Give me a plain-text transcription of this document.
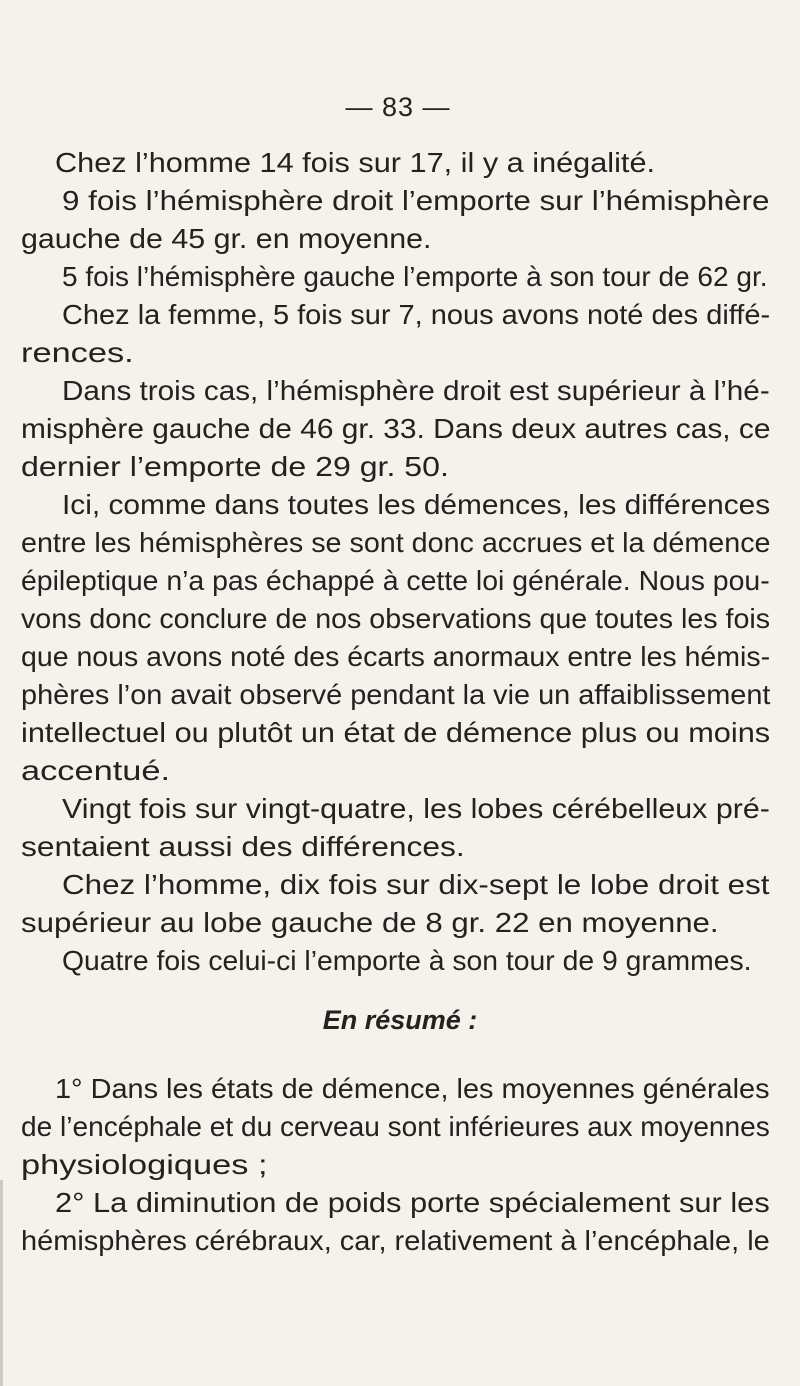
— 83 —
Chez l’homme 14 fois sur 17, il y a inégalité.
9 fois l’hémisphère droit l’emporte sur l’hémisphère
gauche de 45 gr. en moyenne.
5 fois l’hémisphère gauche l’emporte à son tour de 62 gr.
Chez la femme, 5 fois sur 7, nous avons noté des diffé-
rences.
Dans trois cas, l’hémisphère droit est supérieur à l’hé-
misphère gauche de 46 gr. 33. Dans deux autres cas, ce
dernier l’emporte de 29 gr. 50.
Ici, comme dans toutes les démences, les différences
entre les hémisphères se sont donc accrues et la démence
épileptique n’a pas échappé à cette loi générale. Nous pou-
vons donc conclure de nos observations que toutes les fois
que nous avons noté des écarts anormaux entre les hémis-
phères l’on avait observé pendant la vie un affaiblissement
intellectuel ou plutôt un état de démence plus ou moins
accentué.
Vingt fois sur vingt-quatre, les lobes cérébelleux pré-
sentaient aussi des différences.
Chez l’homme, dix fois sur dix-sept le lobe droit est
supérieur au lobe gauche de 8 gr. 22 en moyenne.
Quatre fois celui-ci l’emporte à son tour de 9 grammes.
En résumé :
1° Dans les états de démence, les moyennes générales
de l’encéphale et du cerveau sont inférieures aux moyennes
physiologiques ;
2° La diminution de poids porte spécialement sur les
hémisphères cérébraux, car, relativement à l’encéphale, le
